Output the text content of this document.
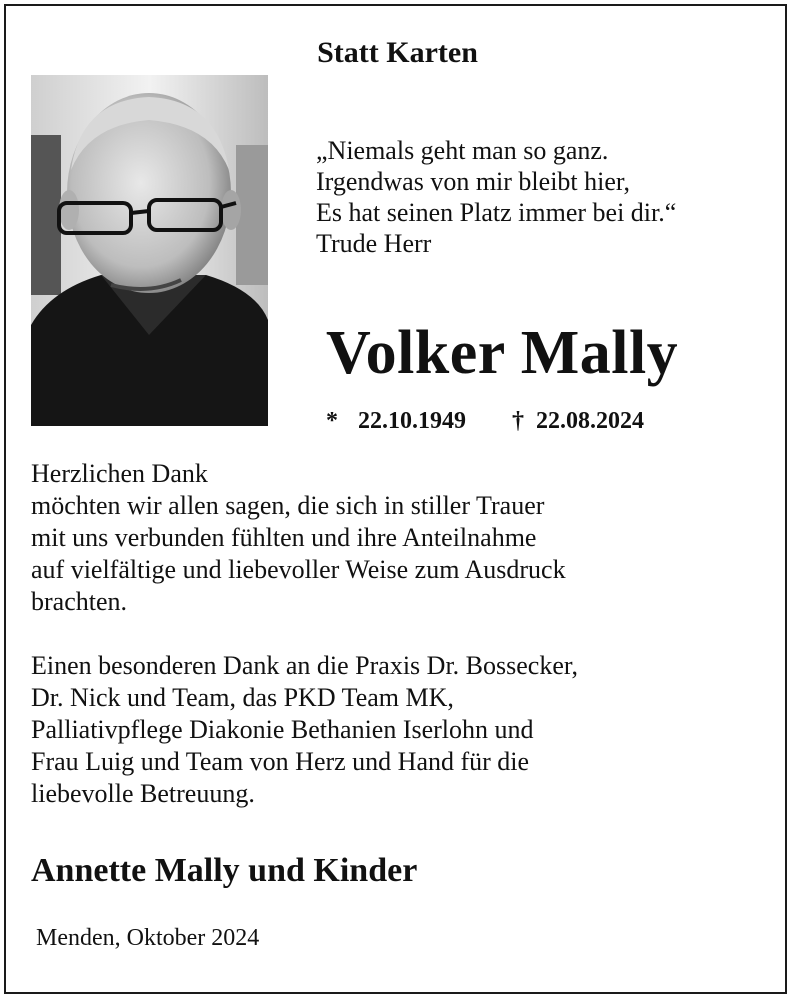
Statt Karten
„Niemals geht man so ganz.
Irgendwas von mir bleibt hier,
Es hat seinen Platz immer bei dir.“
Trude Herr
Volker Mally
* 22.10.1949 † 22.08.2024
Herzlichen Dank
möchten wir allen sagen, die sich in stiller Trauer
mit uns verbunden fühlten und ihre Anteilnahme
auf vielfältige und liebevoller Weise zum Ausdruck
brachten.
Einen besonderen Dank an die Praxis Dr. Bossecker,
Dr. Nick und Team, das PKD Team MK,
Palliativpflege Diakonie Bethanien Iserlohn und
Frau Luig und Team von Herz und Hand für die
liebevolle Betreuung.
Annette Mally und Kinder
Menden, Oktober 2024
